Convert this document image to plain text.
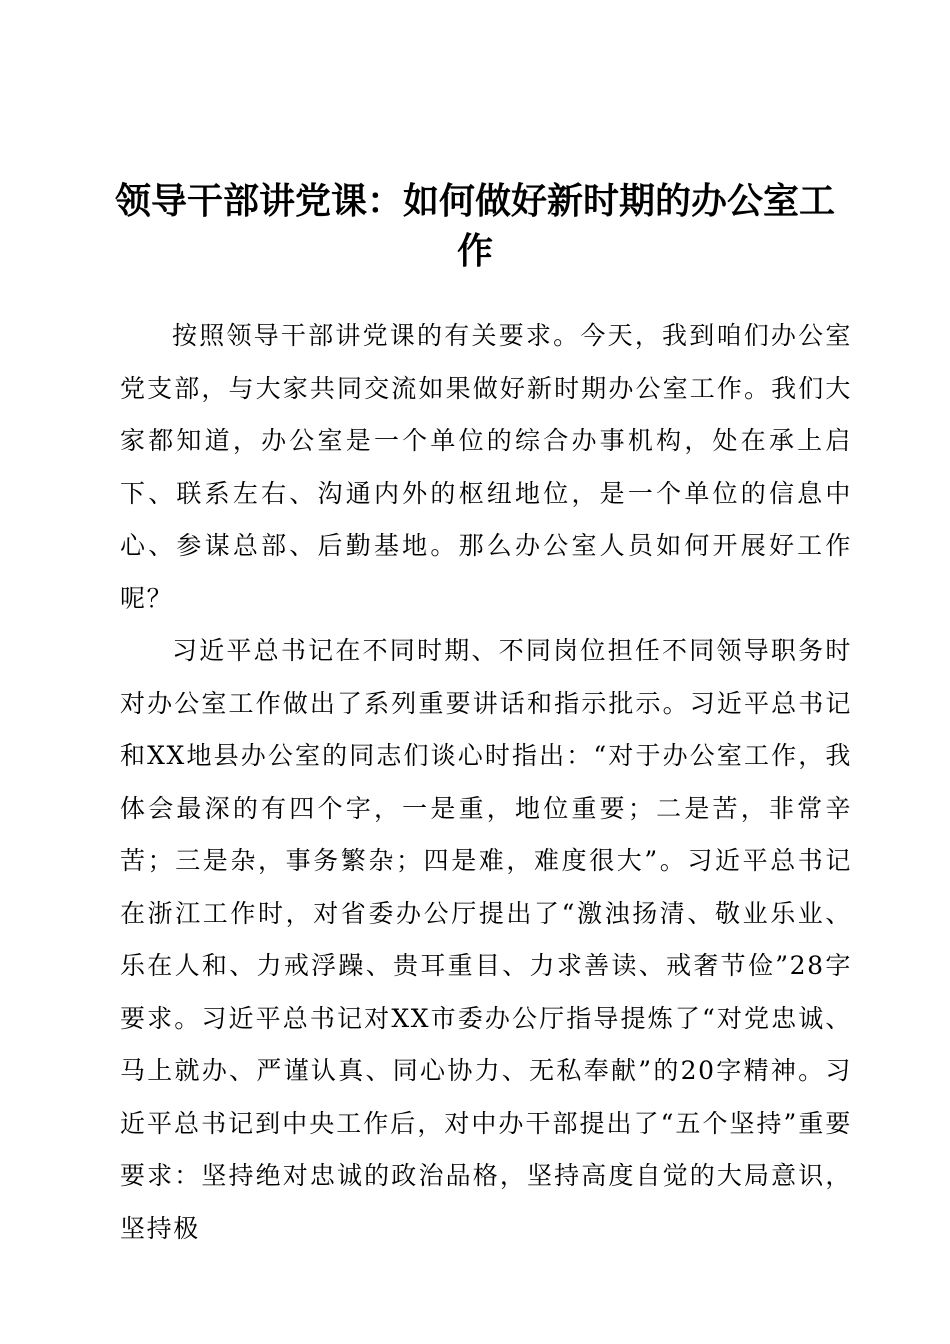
领导干部讲党课：如何做好新时期的办公室工作

按照领导干部讲党课的有关要求。今天，我到咱们办公室党支部，与大家共同交流如果做好新时期办公室工作。我们大家都知道，办公室是一个单位的综合办事机构，处在承上启下、联系左右、沟通内外的枢纽地位，是一个单位的信息中心、参谋总部、后勤基地。那么办公室人员如何开展好工作呢？

习近平总书记在不同时期、不同岗位担任不同领导职务时对办公室工作做出了系列重要讲话和指示批示。习近平总书记和XX地县办公室的同志们谈心时指出：“对于办公室工作，我体会最深的有四个字，一是重，地位重要；二是苦，非常辛苦；三是杂，事务繁杂；四是难，难度很大”。习近平总书记在浙江工作时，对省委办公厅提出了“激浊扬清、敬业乐业、乐在人和、力戒浮躁、贵耳重目、力求善读、戒奢节俭”28字要求。习近平总书记对XX市委办公厅指导提炼了“对党忠诚、马上就办、严谨认真、同心协力、无私奉献”的20字精神。习近平总书记到中央工作后，对中办干部提出了“五个坚持”重要要求：坚持绝对忠诚的政治品格，坚持高度自觉的大局意识，坚持极
